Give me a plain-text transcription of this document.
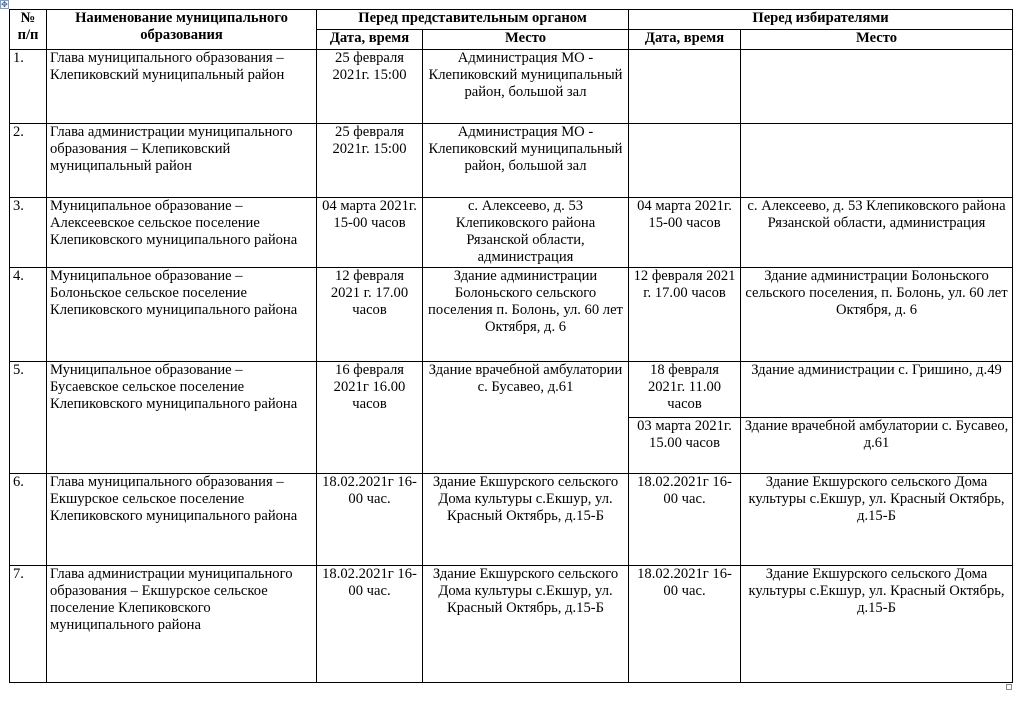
✥
№ п/п	Наименование муниципального образования	Перед представительным органом		Перед избирателями	
		Дата, время	Место	Дата, время	Место
1.	Глава муниципального образования – Клепиковский муниципальный район	25 февраля 2021г. 15:00	Администрация МО - Клепиковский муниципальный район, большой зал		
2.	Глава администрации муниципального образования – Клепиковский муниципальный район	25 февраля 2021г. 15:00	Администрация МО - Клепиковский муниципальный район, большой зал		
3.	Муниципальное образование – Алексеевское сельское поселение Клепиковского муниципального района	04 марта 2021г. 15-00 часов	с. Алексеево, д. 53 Клепиковского района Рязанской области, администрация	04 марта 2021г. 15-00 часов	с. Алексеево, д. 53 Клепиковского района Рязанской области, администрация
4.	Муниципальное образование – Болоньское сельское поселение Клепиковского муниципального района	12 февраля 2021 г. 17.00 часов	Здание администрации Болоньского сельского поселения п. Болонь, ул. 60 лет Октября, д. 6	12 февраля 2021 г. 17.00 часов	Здание администрации Болоньского сельского поселения, п. Болонь, ул. 60 лет Октября, д. 6
5.	Муниципальное образование – Бусаевское сельское поселение Клепиковского муниципального района	16 февраля 2021г 16.00 часов	Здание врачебной амбулатории с. Бусавео, д.61	18 февраля 2021г. 11.00 часов	Здание администрации с. Гришино, д.49
				03 марта 2021г. 15.00 часов	Здание врачебной амбулатории с. Бусавео, д.61
6.	Глава муниципального образования –Екшурское сельское поселение Клепиковского муниципального района	18.02.2021г 16-00 час.	Здание Екшурского сельского Дома культуры с.Екшур, ул. Красный Октябрь, д.15-Б	18.02.2021г 16-00 час.	Здание Екшурского сельского Дома культуры с.Екшур, ул. Красный Октябрь, д.15-Б
7.	Глава администрации муниципального образования – Екшурское сельское поселение Клепиковского муниципального района	18.02.2021г 16-00 час.	Здание Екшурского сельского Дома культуры с.Екшур, ул. Красный Октябрь, д.15-Б	18.02.2021г 16-00 час.	Здание Екшурского сельского Дома культуры с.Екшур, ул. Красный Октябрь, д.15-Б
